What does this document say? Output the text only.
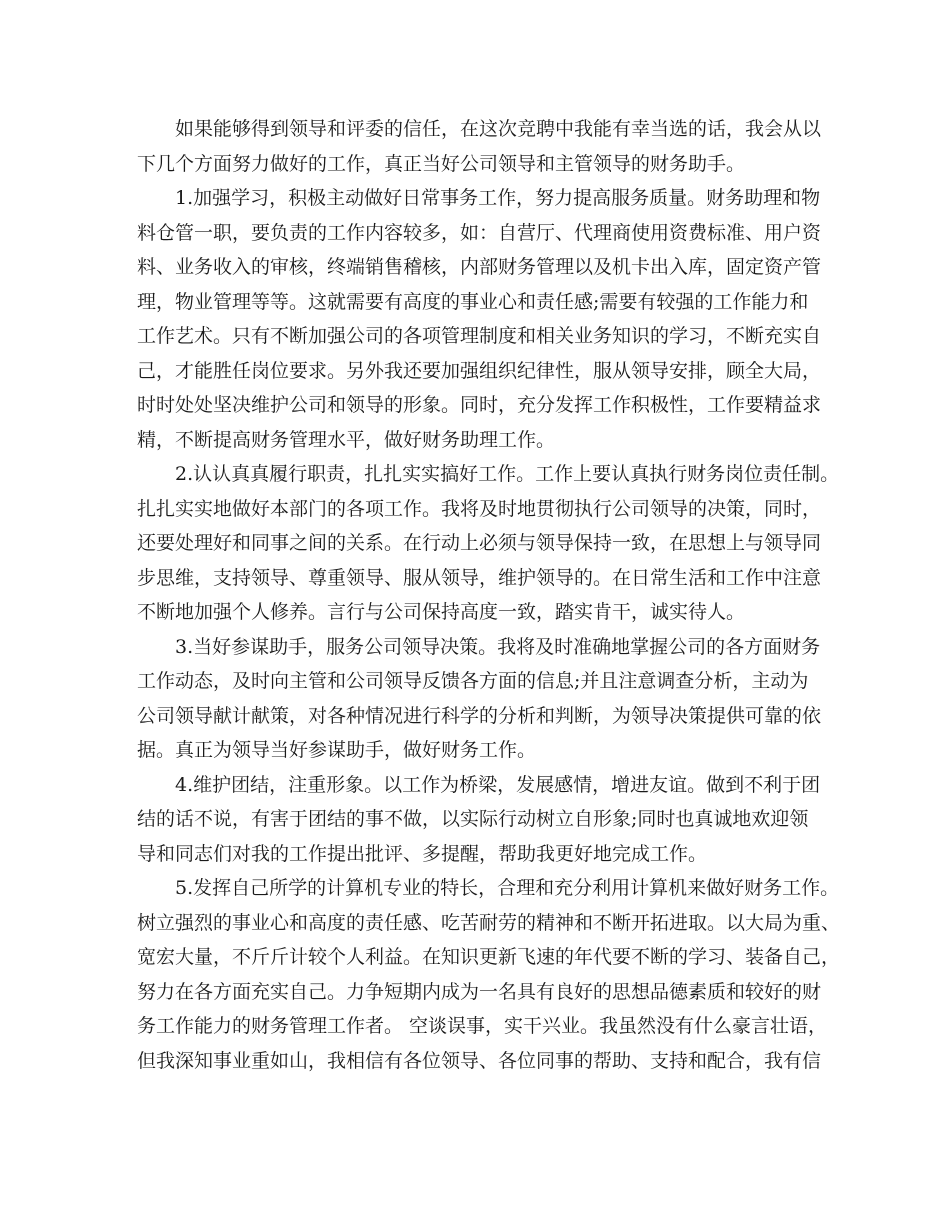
如果能够得到领导和评委的信任，在这次竞聘中我能有幸当选的话，我会从以
下几个方面努力做好的工作，真正当好公司领导和主管领导的财务助手。

1.加强学习，积极主动做好日常事务工作，努力提高服务质量。财务助理和物
料仓管一职，要负责的工作内容较多，如：自营厅、代理商使用资费标准、用户资
料、业务收入的审核，终端销售稽核，内部财务管理以及机卡出入库，固定资产管
理，物业管理等等。这就需要有高度的事业心和责任感;需要有较强的工作能力和
工作艺术。只有不断加强公司的各项管理制度和相关业务知识的学习，不断充实自
己，才能胜任岗位要求。另外我还要加强组织纪律性，服从领导安排，顾全大局，
时时处处坚决维护公司和领导的形象。同时，充分发挥工作积极性，工作要精益求
精，不断提高财务管理水平，做好财务助理工作。

2.认认真真履行职责，扎扎实实搞好工作。工作上要认真执行财务岗位责任制。
扎扎实实地做好本部门的各项工作。我将及时地贯彻执行公司领导的决策，同时，
还要处理好和同事之间的关系。在行动上必须与领导保持一致，在思想上与领导同
步思维，支持领导、尊重领导、服从领导，维护领导的。在日常生活和工作中注意
不断地加强个人修养。言行与公司保持高度一致，踏实肯干，诚实待人。

3.当好参谋助手，服务公司领导决策。我将及时准确地掌握公司的各方面财务
工作动态，及时向主管和公司领导反馈各方面的信息;并且注意调查分析，主动为
公司领导献计献策，对各种情况进行科学的分析和判断，为领导决策提供可靠的依
据。真正为领导当好参谋助手，做好财务工作。

4.维护团结，注重形象。以工作为桥梁，发展感情，增进友谊。做到不利于团
结的话不说，有害于团结的事不做，以实际行动树立自形象;同时也真诚地欢迎领
导和同志们对我的工作提出批评、多提醒，帮助我更好地完成工作。

5.发挥自己所学的计算机专业的特长，合理和充分利用计算机来做好财务工作。
树立强烈的事业心和高度的责任感、吃苦耐劳的精神和不断开拓进取。以大局为重、
宽宏大量，不斤斤计较个人利益。在知识更新飞速的年代要不断的学习、装备自己，
努力在各方面充实自己。力争短期内成为一名具有良好的思想品德素质和较好的财
务工作能力的财务管理工作者。 空谈误事，实干兴业。我虽然没有什么豪言壮语，
但我深知事业重如山，我相信有各位领导、各位同事的帮助、支持和配合，我有信
